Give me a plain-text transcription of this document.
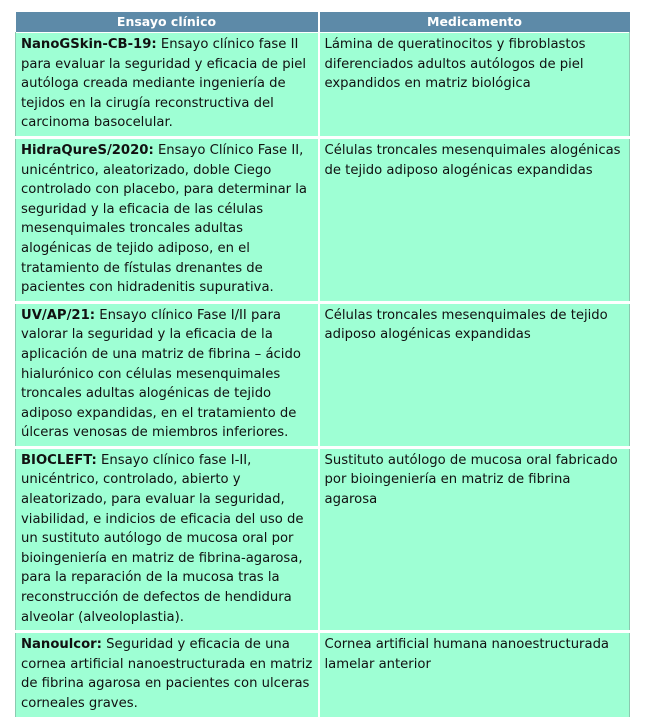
Ensayo clínico	Medicamento
NanoGSkin-CB-19: Ensayo clínico fase II para evaluar la seguridad y eficacia de piel autóloga creada mediante ingeniería de tejidos en la cirugía reconstructiva del carcinoma basocelular.	Lámina de queratinocitos y fibroblastos diferenciados adultos autólogos de piel expandidos en matriz biológica
HidraQureS/2020: Ensayo Clínico Fase II, unicéntrico, aleatorizado, doble Ciego controlado con placebo, para determinar la seguridad y la eficacia de las células mesenquimales troncales adultas alogénicas de tejido adiposo, en el tratamiento de fístulas drenantes de pacientes con hidradenitis supurativa.	Células troncales mesenquimales alogénicas de tejido adiposo alogénicas expandidas
UV/AP/21: Ensayo clínico Fase I/II para valorar la seguridad y la eficacia de la aplicación de una matriz de fibrina – ácido hialurónico con células mesenquimales troncales adultas alogénicas de tejido adiposo expandidas, en el tratamiento de úlceras venosas de miembros inferiores.	Células troncales mesenquimales de tejido adiposo alogénicas expandidas
BIOCLEFT: Ensayo clínico fase I-II, unicéntrico, controlado, abierto y aleatorizado, para evaluar la seguridad, viabilidad, e indicios de eficacia del uso de un sustituto autólogo de mucosa oral por bioingeniería en matriz de fibrina-agarosa, para la reparación de la mucosa tras la reconstrucción de defectos de hendidura alveolar (alveoloplastia).	Sustituto autólogo de mucosa oral fabricado por bioingeniería en matriz de fibrina agarosa
Nanoulcor: Seguridad y eficacia de una cornea artificial nanoestructurada en matriz de fibrina agarosa en pacientes con ulceras corneales graves.	Cornea artificial humana nanoestructurada lamelar anterior
